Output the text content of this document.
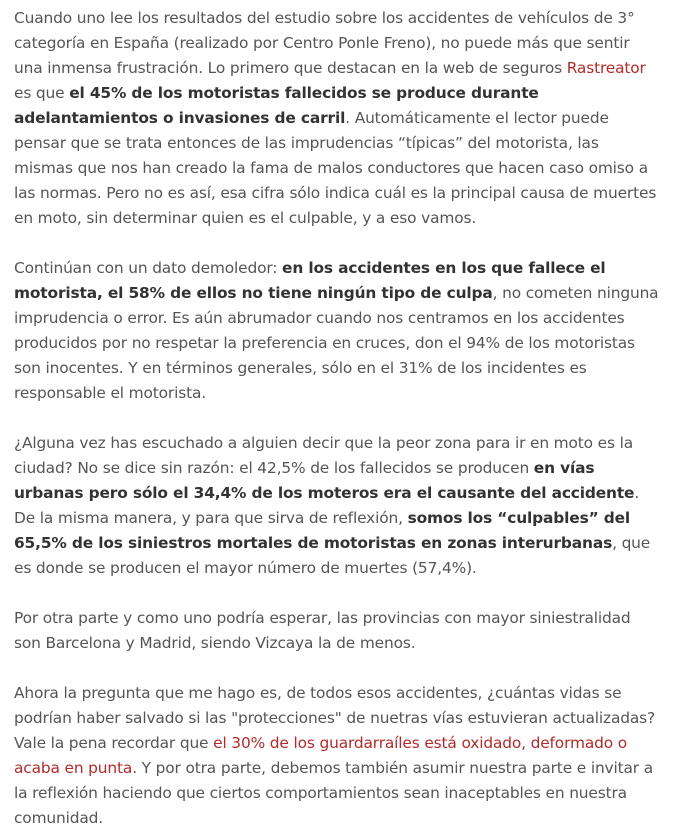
Cuando uno lee los resultados del estudio sobre los accidentes de vehículos de 3° categoría en España (realizado por Centro Ponle Freno), no puede más que sentir una inmensa frustración. Lo primero que destacan en la web de seguros Rastreator es que el 45% de los motoristas fallecidos se produce durante adelantamientos o invasiones de carril. Automáticamente el lector puede pensar que se trata entonces de las imprudencias “típicas” del motorista, las mismas que nos han creado la fama de malos conductores que hacen caso omiso a las normas. Pero no es así, esa cifra sólo indica cuál es la principal causa de muertes en moto, sin determinar quien es el culpable, y a eso vamos.

Continúan con un dato demoledor: en los accidentes en los que fallece el motorista, el 58% de ellos no tiene ningún tipo de culpa, no cometen ninguna imprudencia o error. Es aún abrumador cuando nos centramos en los accidentes producidos por no respetar la preferencia en cruces, don el 94% de los motoristas son inocentes. Y en términos generales, sólo en el 31% de los incidentes es responsable el motorista.

¿Alguna vez has escuchado a alguien decir que la peor zona para ir en moto es la ciudad? No se dice sin razón: el 42,5% de los fallecidos se producen en vías urbanas pero sólo el 34,4% de los moteros era el causante del accidente. De la misma manera, y para que sirva de reflexión, somos los “culpables” del 65,5% de los siniestros mortales de motoristas en zonas interurbanas, que es donde se producen el mayor número de muertes (57,4%).

Por otra parte y como uno podría esperar, las provincias con mayor siniestralidad son Barcelona y Madrid, siendo Vizcaya la de menos.

Ahora la pregunta que me hago es, de todos esos accidentes, ¿cuántas vidas se podrían haber salvado si las "protecciones" de nuetras vías estuvieran actualizadas? Vale la pena recordar que el 30% de los guardarraíles está oxidado, deformado o acaba en punta. Y por otra parte, debemos también asumir nuestra parte e invitar a la reflexión haciendo que ciertos comportamientos sean inaceptables en nuestra comunidad.
